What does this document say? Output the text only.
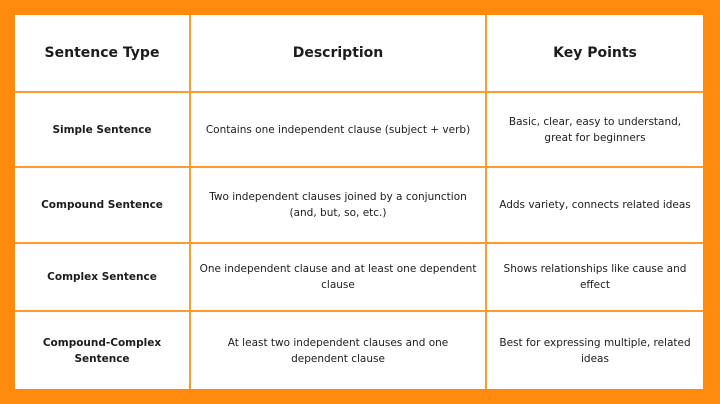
Sentence Type	Description	Key Points
Simple Sentence	Contains one independent clause (subject + verb)	Basic, clear, easy to understand, great for beginners
Compound Sentence	Two independent clauses joined by a conjunction (and, but, so, etc.)	Adds variety, connects related ideas
Complex Sentence	One independent clause and at least one dependent clause	Shows relationships like cause and effect
Compound-Complex Sentence	At least two independent clauses and one dependent clause	Best for expressing multiple, related ideas
